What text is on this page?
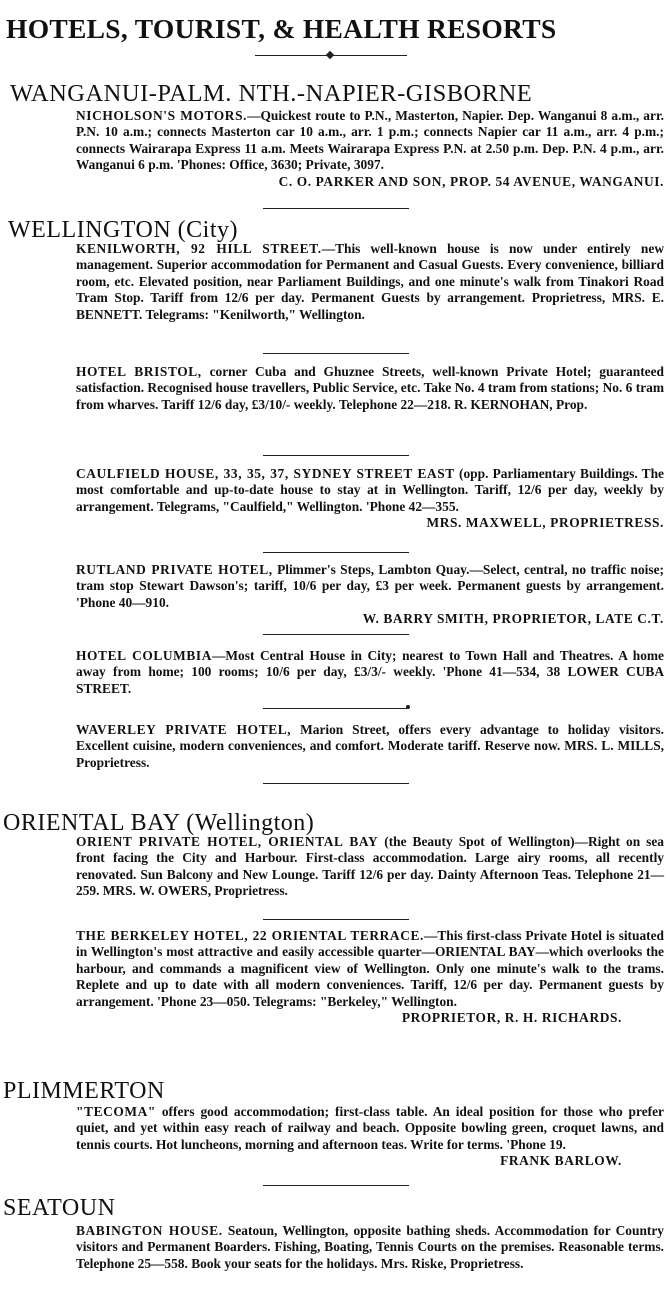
HOTELS, TOURIST, & HEALTH RESORTS
WANGANUI-PALM. NTH.-NAPIER-GISBORNE
NICHOLSON'S MOTORS.—Quickest route to P.N., Masterton, Napier. Dep. Wanganui 8 a.m., arr. P.N. 10 a.m.; connects Masterton car 10 a.m., arr. 1 p.m.; connects Napier car 11 a.m., arr. 4 p.m.; connects Wairarapa Express 11 a.m. Meets Wairarapa Express P.N. at 2.50 p.m. Dep. P.N. 4 p.m., arr. Wanganui 6 p.m. 'Phones: Office, 3630; Private, 3097.
C. O. PARKER AND SON, PROP. 54 AVENUE, WANGANUI.
WELLINGTON (City)
KENILWORTH, 92 HILL STREET.—This well-known house is now under entirely new management. Superior accommodation for Permanent and Casual Guests. Every convenience, billiard room, etc. Elevated position, near Parliament Buildings, and one minute's walk from Tinakori Road Tram Stop. Tariff from 12/6 per day. Permanent Guests by arrangement. Proprietress, MRS. E. BENNETT. Telegrams: "Kenilworth," Wellington.
HOTEL BRISTOL, corner Cuba and Ghuznee Streets, well-known Private Hotel; guaranteed satisfaction. Recognised house travellers, Public Service, etc. Take No. 4 tram from stations; No. 6 tram from wharves. Tariff 12/6 day, £3/10/- weekly. Telephone 22—218. R. KERNOHAN, Prop.
CAULFIELD HOUSE, 33, 35, 37, SYDNEY STREET EAST (opp. Parliamentary Buildings. The most comfortable and up-to-date house to stay at in Wellington. Tariff, 12/6 per day, weekly by arrangement. Telegrams, "Caulfield," Wellington. 'Phone 42—355.
MRS. MAXWELL, PROPRIETRESS.
RUTLAND PRIVATE HOTEL, Plimmer's Steps, Lambton Quay.—Select, central, no traffic noise; tram stop Stewart Dawson's; tariff, 10/6 per day, £3 per week. Permanent guests by arrangement. 'Phone 40—910.
W. BARRY SMITH, PROPRIETOR, LATE C.T.
HOTEL COLUMBIA—Most Central House in City; nearest to Town Hall and Theatres. A home away from home; 100 rooms; 10/6 per day, £3/3/- weekly. 'Phone 41—534, 38 LOWER CUBA STREET.
WAVERLEY PRIVATE HOTEL, Marion Street, offers every advantage to holiday visitors. Excellent cuisine, modern conveniences, and comfort. Moderate tariff. Reserve now. MRS. L. MILLS, Proprietress.
ORIENTAL BAY (Wellington)
ORIENT PRIVATE HOTEL, ORIENTAL BAY (the Beauty Spot of Wellington)—Right on sea front facing the City and Harbour. First-class accommodation. Large airy rooms, all recently renovated. Sun Balcony and New Lounge. Tariff 12/6 per day. Dainty Afternoon Teas. Telephone 21—259. MRS. W. OWERS, Proprietress.
THE BERKELEY HOTEL, 22 ORIENTAL TERRACE.—This first-class Private Hotel is situated in Wellington's most attractive and easily accessible quarter—ORIENTAL BAY—which overlooks the harbour, and commands a magnificent view of Wellington. Only one minute's walk to the trams. Replete and up to date with all modern conveniences. Tariff, 12/6 per day. Permanent guests by arrangement. 'Phone 23—050. Telegrams: "Berkeley," Wellington.
PROPRIETOR, R. H. RICHARDS.
PLIMMERTON
"TECOMA" offers good accommodation; first-class table. An ideal position for those who prefer quiet, and yet within easy reach of railway and beach. Opposite bowling green, croquet lawns, and tennis courts. Hot luncheons, morning and afternoon teas. Write for terms. 'Phone 19.
FRANK BARLOW.
SEATOUN
BABINGTON HOUSE. Seatoun, Wellington, opposite bathing sheds. Accommodation for Country visitors and Permanent Boarders. Fishing, Boating, Tennis Courts on the premises. Reasonable terms. Telephone 25—558. Book your seats for the holidays. Mrs. Riske, Proprietress.
